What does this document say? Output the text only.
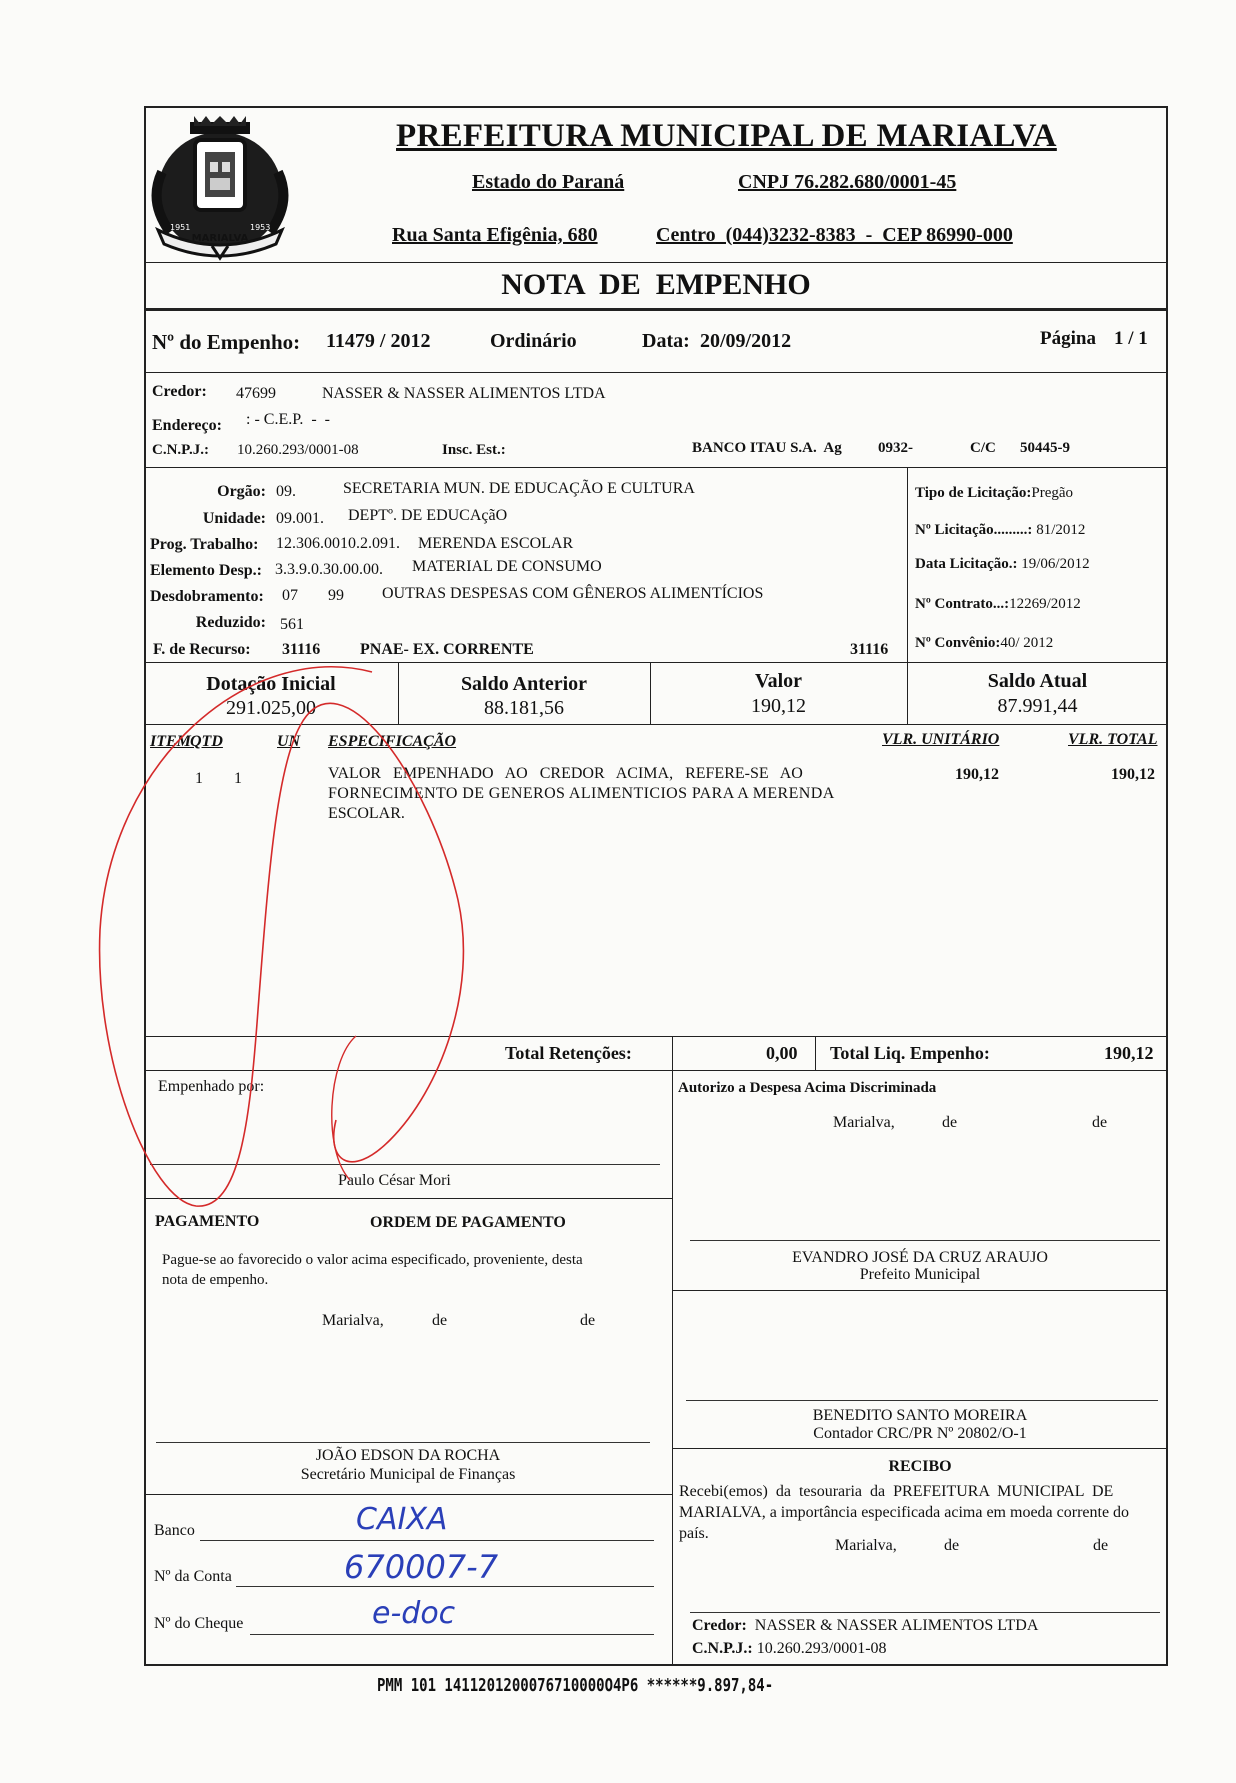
MARIALVA
1951	1953
PREFEITURA MUNICIPAL DE MARIALVA
Estado do Paraná	CNPJ 76.282.680/0001-45
Rua Santa Efigênia, 680	Centro  (044)3232-8383  -  CEP 86990-000
NOTA  DE  EMPENHO
Nº do Empenho: 11479 / 2012	Ordinário	Data: 20/09/2012	Página 1 / 1
Credor: 47699	NASSER & NASSER ALIMENTOS LTDA
Endereço: : - C.E.P.  -  -
C.N.P.J.: 10.260.293/0001-08	Insc. Est.:	BANCO ITAU S.A.  Ag 0932-	C/C 50445-9
Orgão: 09.	SECRETARIA MUN. DE EDUCAÇÃO E CULTURA
Unidade: 09.001. DEPTº. DE EDUCAçãO
Prog. Trabalho: 12.306.0010.2.091. MERENDA ESCOLAR
Elemento Desp.: 3.3.9.0.30.00.00. MATERIAL DE CONSUMO
Desdobramento: 07 99 OUTRAS DESPESAS COM GÊNEROS ALIMENTÍCIOS
Reduzido: 561
F. de Recurso: 31116 PNAE- EX. CORRENTE	31116
Tipo de Licitação:Pregão
Nº Licitação.........: 81/2012
Data Licitação.: 19/06/2012
Nº Contrato...:12269/2012
Nº Convênio:40/ 2012
Dotação Inicial
291.025,00
Saldo Anterior
88.181,56
Valor
190,12
Saldo Atual
87.991,44
ITEM QTD	UN ESPECIFICAÇÃO	VLR. UNITÁRIO	VLR. TOTAL
1 1	VALOR   EMPENHADO   AO   CREDOR   ACIMA,   REFERE-SE   AO
FORNECIMENTO DE GENEROS ALIMENTICIOS PARA A MERENDA
ESCOLAR.
190,12	190,12
Total Retenções:	0,00 Total Liq. Empenho:	190,12
Empenhado por:
Paulo César Mori
PAGAMENTO	ORDEM DE PAGAMENTO
Pague-se ao favorecido o valor acima especificado, proveniente, desta
nota de empenho.
Marialva,	de	de
JOÃO EDSON DA ROCHA
Secretário Municipal de Finanças
Banco	CAIXA
Nº da Conta	670007-7
Nº do Cheque	e-doc
Autorizo a Despesa Acima Discriminada
Marialva,	de	de
EVANDRO JOSÉ DA CRUZ ARAUJO
Prefeito Municipal
BENEDITO SANTO MOREIRA
Contador CRC/PR Nº 20802/O-1
RECIBO
Recebi(emos)  da  tesouraria  da  PREFEITURA  MUNICIPAL  DE
MARIALVA, a importância especificada acima em moeda corrente do
país.
Marialva,	de	de
Credor: NASSER & NASSER ALIMENTOS LTDA
C.N.P.J.: 10.260.293/0001-08
PMM 101 1411201200076710000O4P6 ******9.897,84-
